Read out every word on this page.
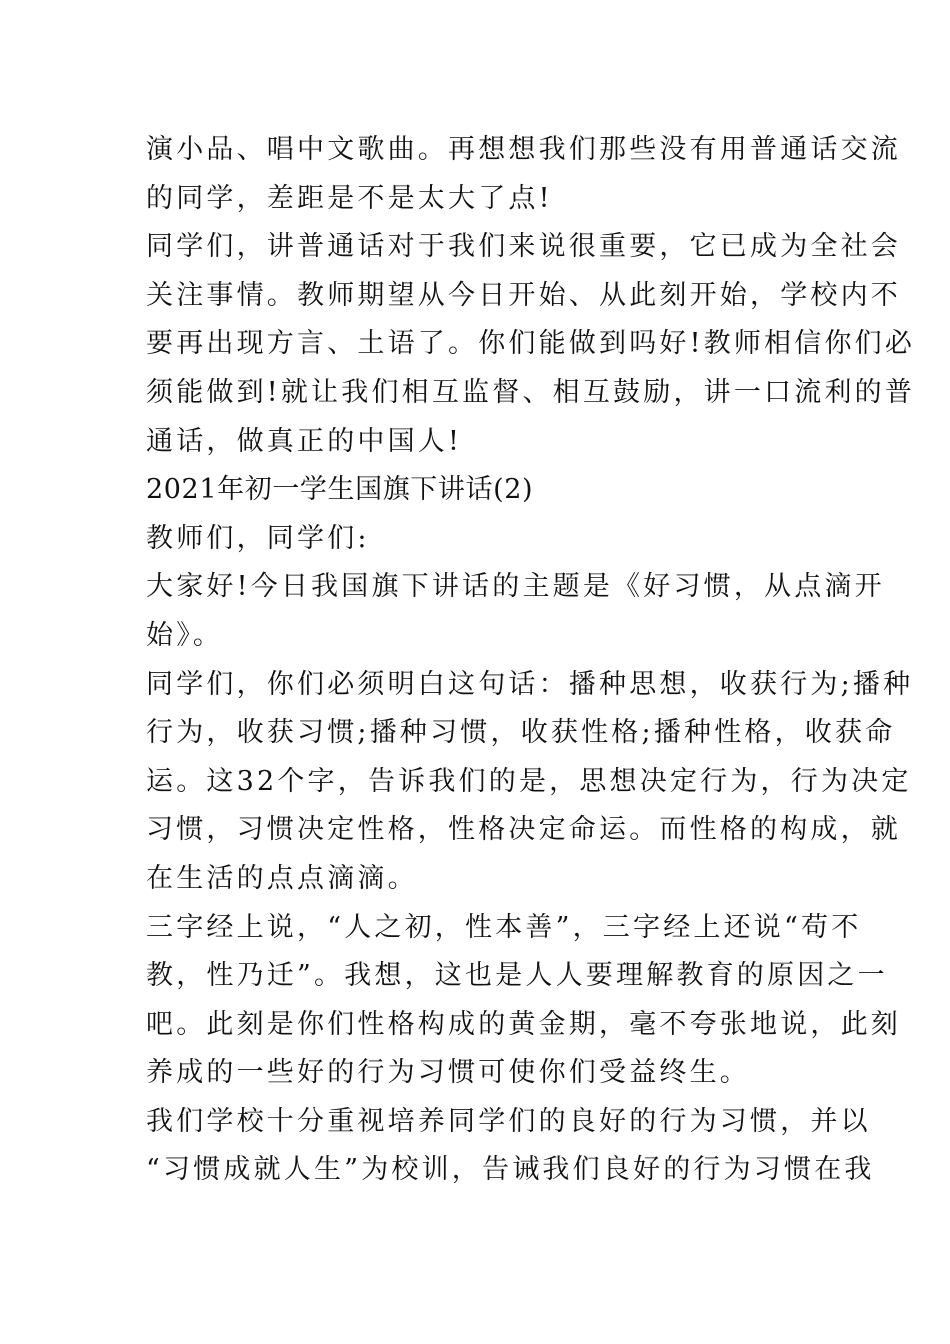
演小品、唱中文歌曲。再想想我们那些没有用普通话交流
的同学，差距是不是太大了点!
同学们，讲普通话对于我们来说很重要，它已成为全社会
关注事情。教师期望从今日开始、从此刻开始，学校内不
要再出现方言、土语了。你们能做到吗好!教师相信你们必
须能做到!就让我们相互监督、相互鼓励，讲一口流利的普
通话，做真正的中国人!
2021年初一学生国旗下讲话(2)
教师们，同学们:
大家好!今日我国旗下讲话的主题是《好习惯，从点滴开
始》。
同学们，你们必须明白这句话：播种思想，收获行为;播种
行为，收获习惯;播种习惯，收获性格;播种性格，收获命
运。这32个字，告诉我们的是，思想决定行为，行为决定
习惯，习惯决定性格，性格决定命运。而性格的构成，就
在生活的点点滴滴。
三字经上说，“人之初，性本善”，三字经上还说“苟不
教，性乃迁”。我想，这也是人人要理解教育的原因之一
吧。此刻是你们性格构成的黄金期，毫不夸张地说，此刻
养成的一些好的行为习惯可使你们受益终生。
我们学校十分重视培养同学们的良好的行为习惯，并以
“习惯成就人生”为校训，告诫我们良好的行为习惯在我
